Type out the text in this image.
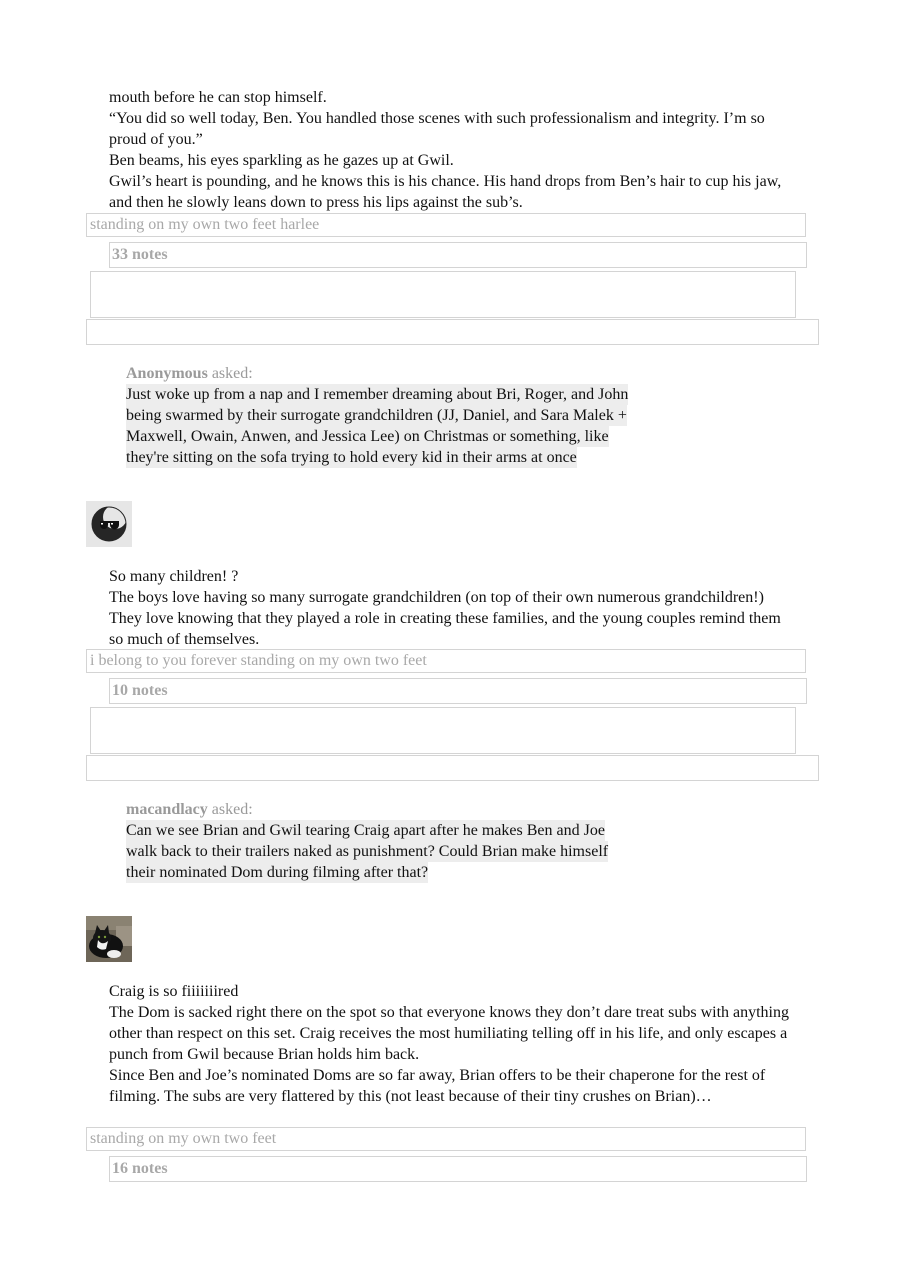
mouth before he can stop himself.

“You did so well today, Ben. You handled those scenes with such professionalism and integrity. I’m so proud of you.”

Ben beams, his eyes sparkling as he gazes up at Gwil.

Gwil’s heart is pounding, and he knows this is his chance. His hand drops from Ben’s hair to cup his jaw, and then he slowly leans down to press his lips against the sub’s.

standing on my own two feet harlee
33 notes
Anonymous asked:
Just woke up from a nap and I remember dreaming about Bri, Roger, and John
being swarmed by their surrogate grandchildren (JJ, Daniel, and Sara Malek +
Maxwell, Owain, Anwen, and Jessica Lee) on Christmas or something, like
they're sitting on the sofa trying to hold every kid in their arms at once

So many children! ?

The boys love having so many surrogate grandchildren (on top of their own numerous grandchildren!) They love knowing that they played a role in creating these families, and the young couples remind them so much of themselves.

i belong to you forever standing on my own two feet
10 notes
macandlacy asked:
Can we see Brian and Gwil tearing Craig apart after he makes Ben and Joe
walk back to their trailers naked as punishment? Could Brian make himself
their nominated Dom during filming after that?

Craig is so fiiiiiiired

The Dom is sacked right there on the spot so that everyone knows they don’t dare treat subs with anything other than respect on this set. Craig receives the most humiliating telling off in his life, and only escapes a punch from Gwil because Brian holds him back.

Since Ben and Joe’s nominated Doms are so far away, Brian offers to be their chaperone for the rest of filming. The subs are very flattered by this (not least because of their tiny crushes on Brian)…

standing on my own two feet
16 notes
